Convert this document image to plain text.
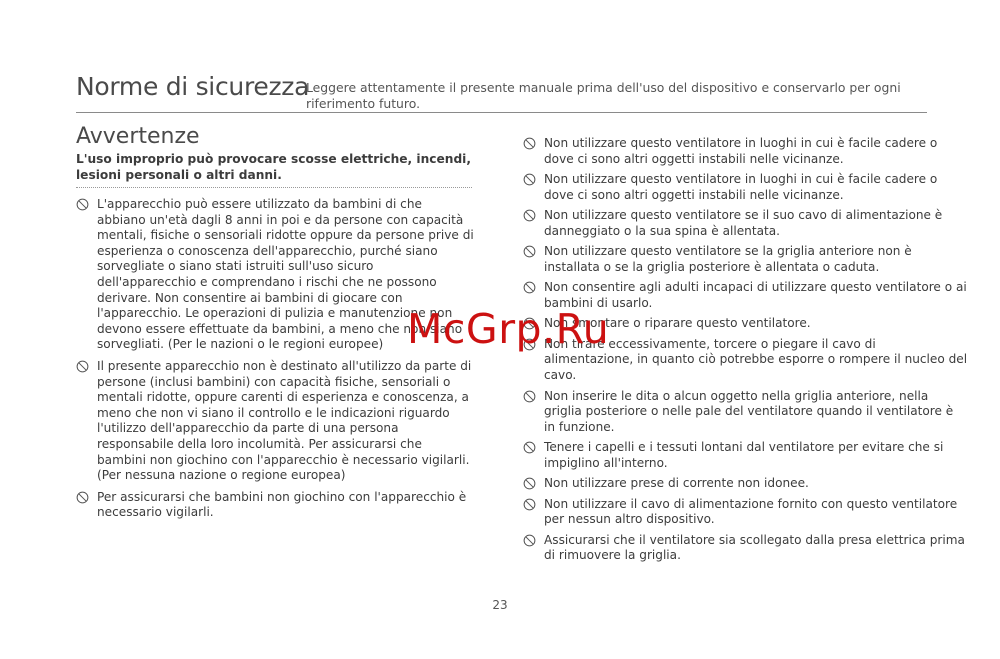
Norme di sicurezza
Leggere attentamente il presente manuale prima dell'uso del dispositivo e conservarlo per ogni riferimento futuro.
Avvertenze
L'uso improprio può provocare scosse elettriche, incendi, lesioni personali o altri danni.
L'apparecchio può essere utilizzato da bambini di che abbiano un'età dagli 8 anni in poi e da persone con capacità mentali, fisiche o sensoriali ridotte oppure da persone prive di esperienza o conoscenza dell'apparecchio, purché siano sorvegliate o siano stati istruiti sull'uso sicuro dell'apparecchio e comprendano i rischi che ne possono derivare. Non consentire ai bambini di giocare con l'apparecchio. Le operazioni di pulizia e manutenzione non devono essere effettuate da bambini, a meno che non siano sorvegliati. (Per le nazioni o le regioni europee)
Il presente apparecchio non è destinato all'utilizzo da parte di persone (inclusi bambini) con capacità fisiche, sensoriali o mentali ridotte, oppure carenti di esperienza e conoscenza, a meno che non vi siano il controllo e le indicazioni riguardo l'utilizzo dell'apparecchio da parte di una persona responsabile della loro incolumità. Per assicurarsi che bambini non giochino con l'apparecchio è necessario vigilarli. (Per nessuna nazione o regione europea)
Per assicurarsi che bambini non giochino con l'apparecchio è necessario vigilarli.
Non utilizzare questo ventilatore in luoghi in cui è facile cadere o dove ci sono altri oggetti instabili nelle vicinanze.
Non utilizzare questo ventilatore in luoghi in cui è facile cadere o dove ci sono altri oggetti instabili nelle vicinanze.
Non utilizzare questo ventilatore se il suo cavo di alimentazione è danneggiato o la sua spina è allentata.
Non utilizzare questo ventilatore se la griglia anteriore non è installata o se la griglia posteriore è allentata o caduta.
Non consentire agli adulti incapaci di utilizzare questo ventilatore o ai bambini di usarlo.
Non smontare o riparare questo ventilatore.
Non tirare eccessivamente, torcere o piegare il cavo di alimentazione, in quanto ciò potrebbe esporre o rompere il nucleo del cavo.
Non inserire le dita o alcun oggetto nella griglia anteriore, nella griglia posteriore o nelle pale del ventilatore quando il ventilatore è in funzione.
Tenere i capelli e i tessuti lontani dal ventilatore per evitare che si impiglino all'interno.
Non utilizzare prese di corrente non idonee.
Non utilizzare il cavo di alimentazione fornito con questo ventilatore per nessun altro dispositivo.
Assicurarsi che il ventilatore sia scollegato dalla presa elettrica prima di rimuovere la griglia.
McGrp.Ru
23
